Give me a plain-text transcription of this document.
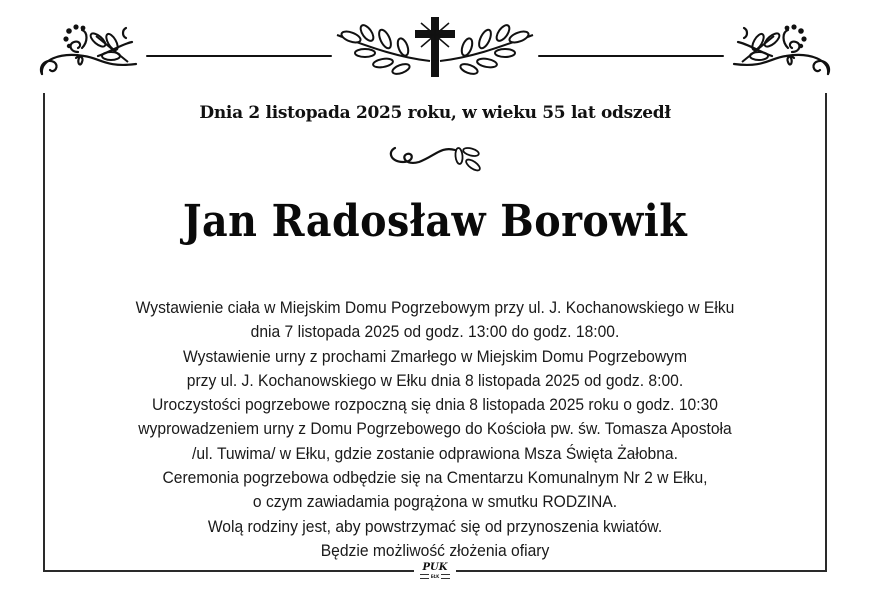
Dnia 2 listopada 2025 roku, w wieku 55 lat odszedł
Jan Radosław Borowik
Wystawienie ciała w Miejskim Domu Pogrzebowym przy ul. J. Kochanowskiego w Ełku
dnia 7 listopada 2025 od godz. 13:00 do godz. 18:00.
Wystawienie urny z prochami Zmarłego w Miejskim Domu Pogrzebowym
przy ul. J. Kochanowskiego w Ełku dnia 8 listopada 2025 od godz. 8:00.
Uroczystości pogrzebowe rozpoczną się dnia 8 listopada 2025 roku o godz. 10:30
wyprowadzeniem urny z Domu Pogrzebowego do Kościoła pw. św. Tomasza Apostoła
/ul. Tuwima/ w Ełku, gdzie zostanie odprawiona Msza Święta Żałobna.
Ceremonia pogrzebowa odbędzie się na Cmentarzu Komunalnym Nr 2 w Ełku,
o czym zawiadamia pogrążona w smutku RODZINA.
Wolą rodziny jest, aby powstrzymać się od przynoszenia kwiatów.
Będzie możliwość złożenia ofiary
PUK
EŁK
